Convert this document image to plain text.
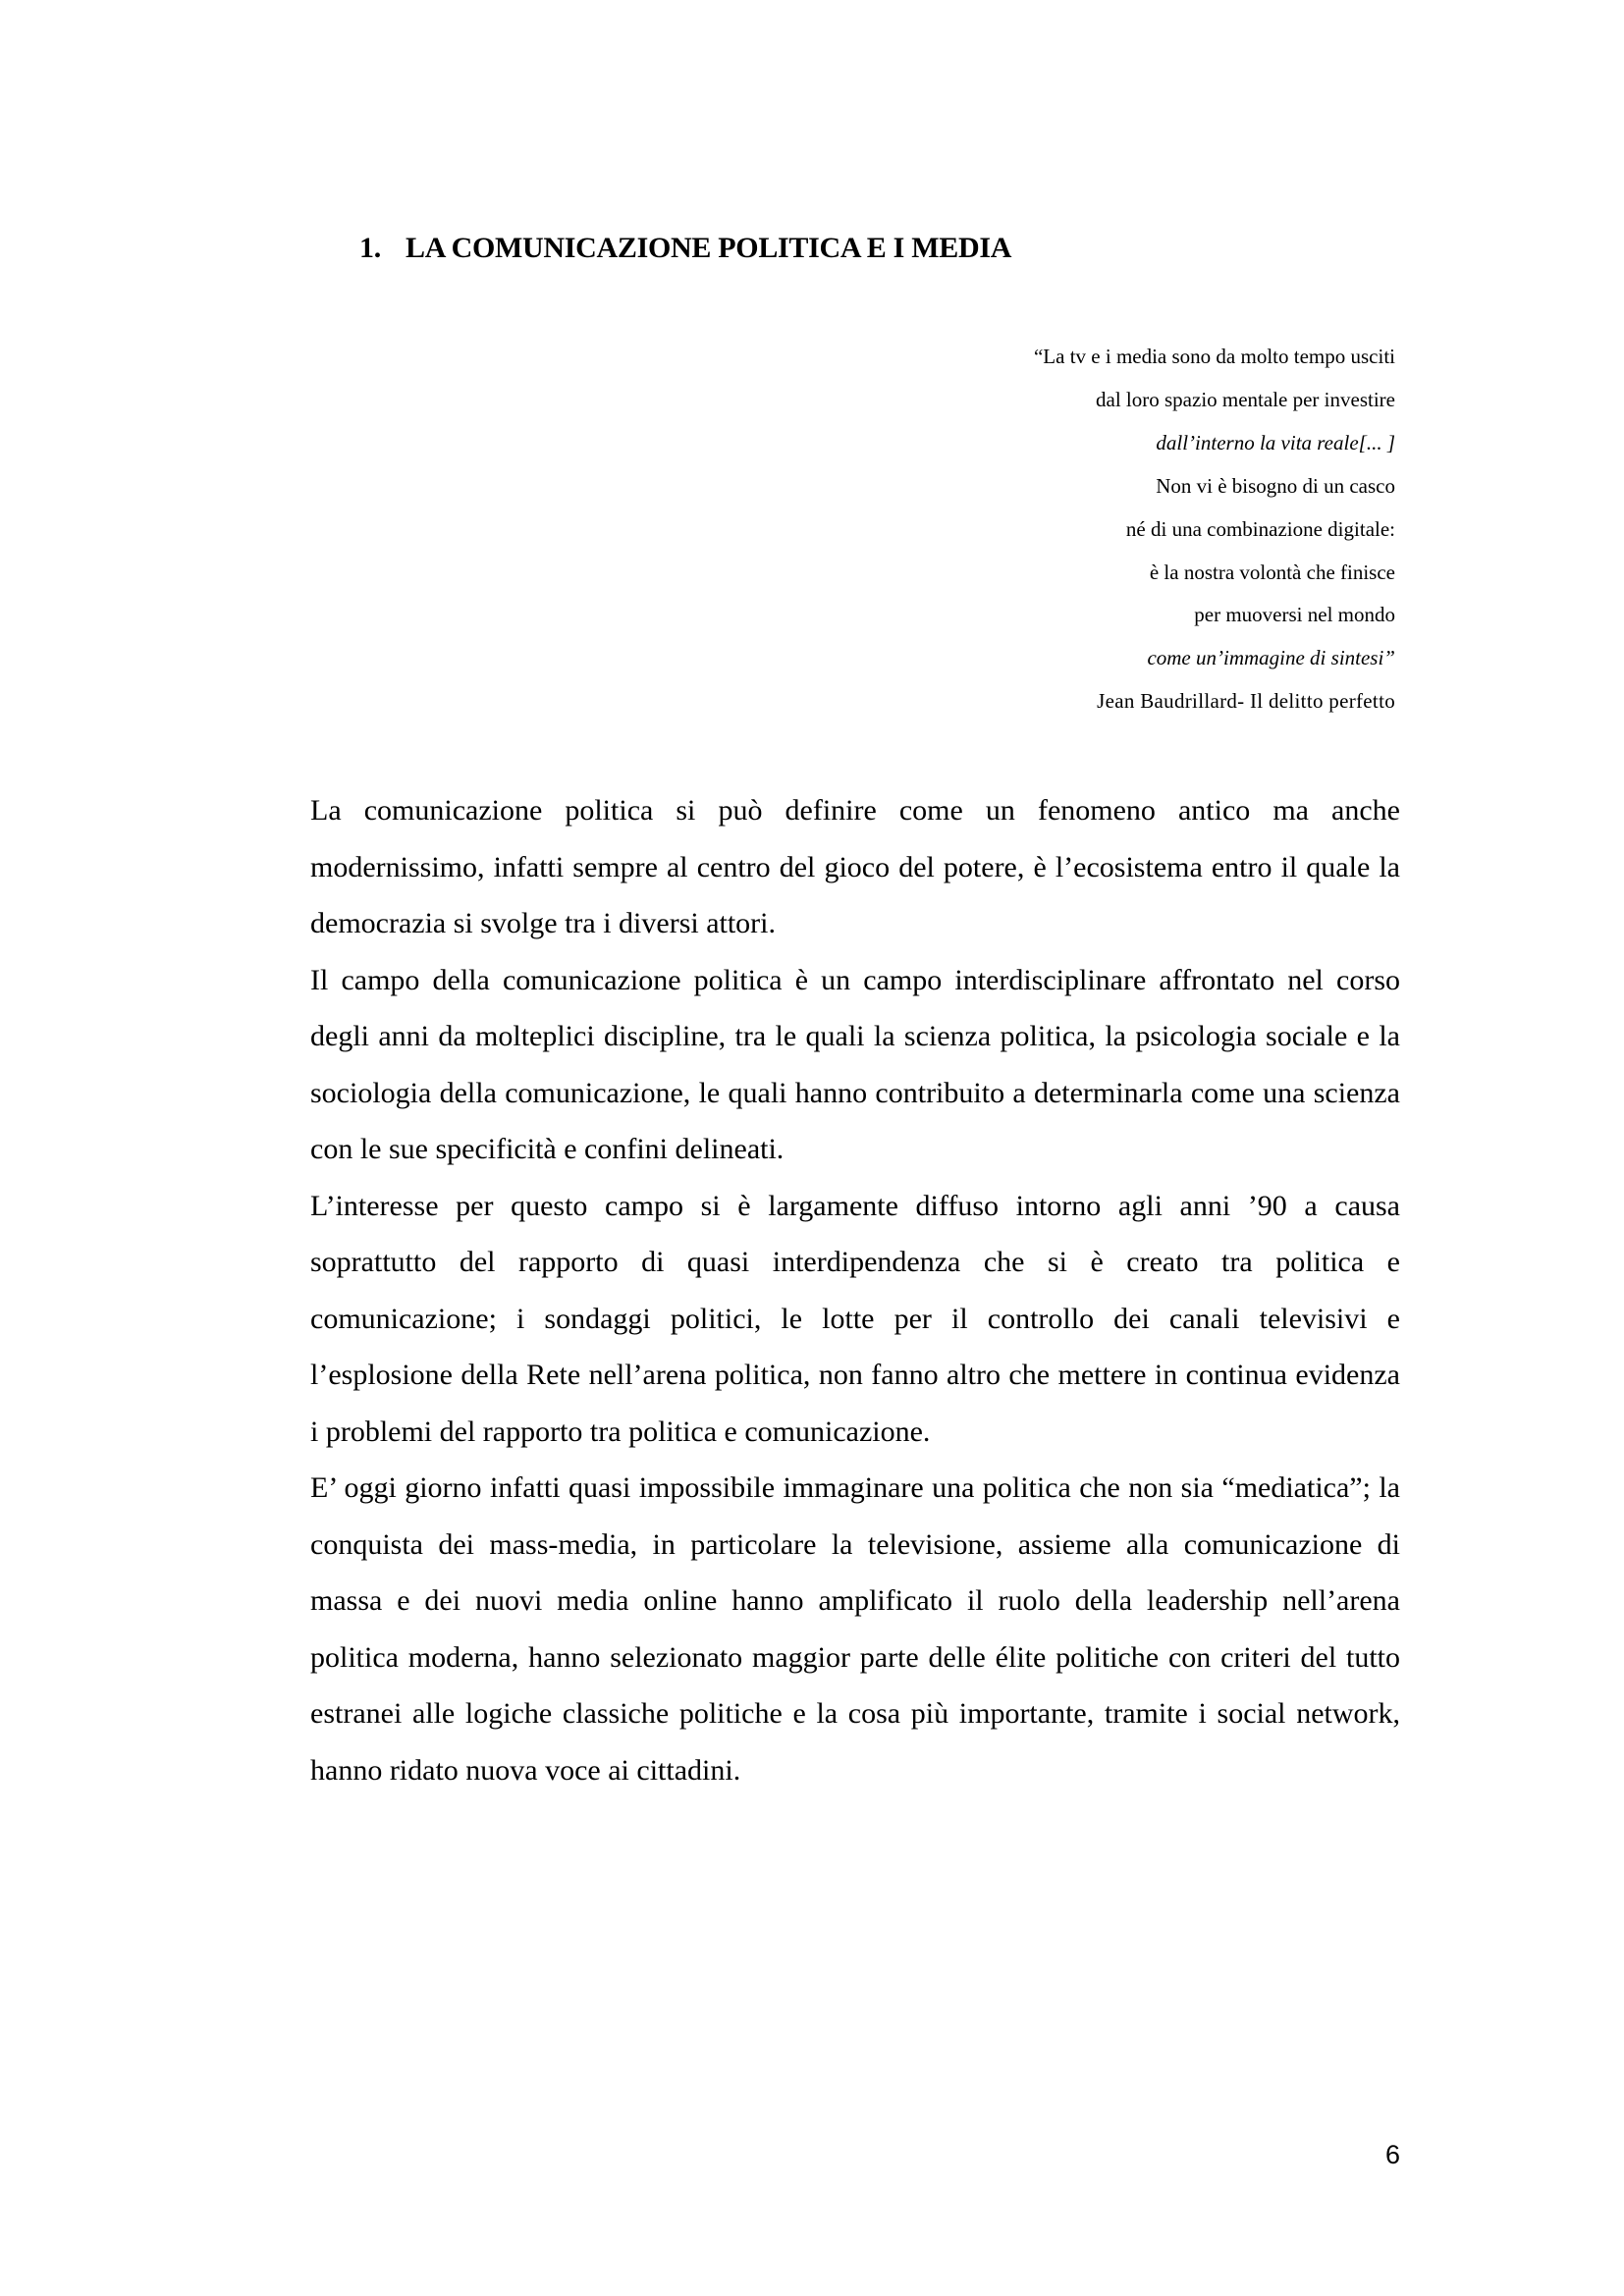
1. LA COMUNICAZIONE POLITICA E I MEDIA
“La tv e i media sono da molto tempo usciti
dal loro spazio mentale per investire
dall’interno la vita reale[... ]
Non vi è bisogno di un casco
né di una combinazione digitale:
è la nostra volontà che finisce
per muoversi nel mondo
come un’immagine di sintesi”
Jean Baudrillard- Il delitto perfetto

La comunicazione politica si può definire come un fenomeno antico ma anche modernissimo, infatti sempre al centro del gioco del potere, è l’ecosistema entro il quale la democrazia si svolge tra i diversi attori.

Il campo della comunicazione politica è un campo interdisciplinare affrontato nel corso degli anni da molteplici discipline, tra le quali la scienza politica, la psicologia sociale e la sociologia della comunicazione, le quali hanno contribuito a determinarla come una scienza con le sue specificità e confini delineati.

L’interesse per questo campo si è largamente diffuso intorno agli anni ’90 a causa soprattutto del rapporto di quasi interdipendenza che si è creato tra politica e comunicazione; i sondaggi politici, le lotte per il controllo dei canali televisivi e l’esplosione della Rete nell’arena politica, non fanno altro che mettere in continua evidenza i problemi del rapporto tra politica e comunicazione.

E’ oggi giorno infatti quasi impossibile immaginare una politica che non sia “mediatica”; la conquista dei mass-media, in particolare la televisione, assieme alla comunicazione di massa e dei nuovi media online hanno amplificato il ruolo della leadership nell’arena politica moderna, hanno selezionato maggior parte delle élite politiche con criteri del tutto estranei alle logiche classiche politiche e la cosa più importante, tramite i social network, hanno ridato nuova voce ai cittadini.

6
